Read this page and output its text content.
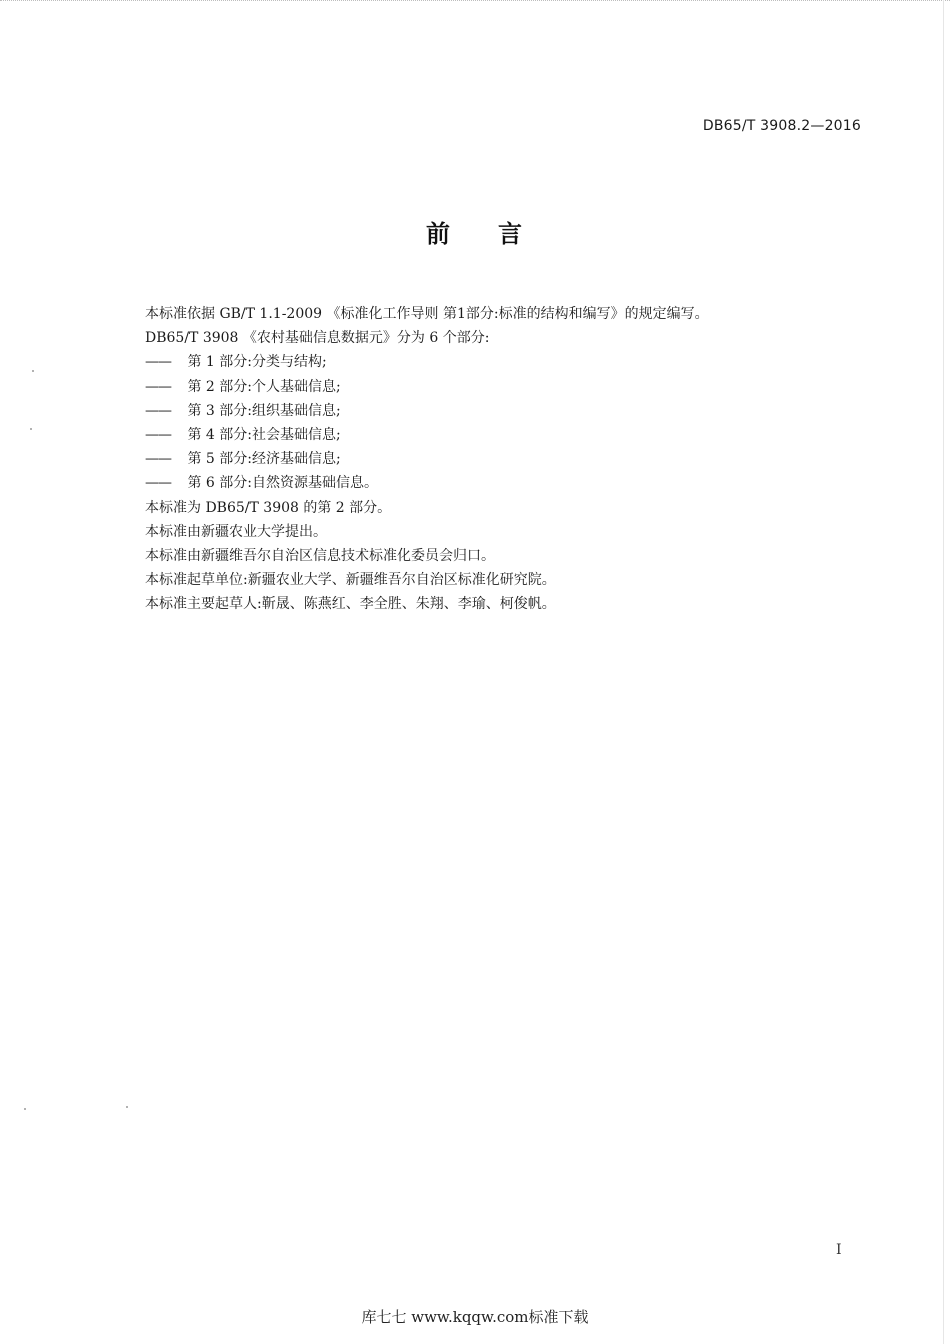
DB65/T 3908.2—2016
前 言
本标准依据 GB/T 1.1-2009 《标准化工作导则 第1部分:标准的结构和编写》的规定编写。
DB65/T 3908 《农村基础信息数据元》分为 6 个部分:
—— 第 1 部分:分类与结构;
—— 第 2 部分:个人基础信息;
—— 第 3 部分:组织基础信息;
—— 第 4 部分:社会基础信息;
—— 第 5 部分:经济基础信息;
—— 第 6 部分:自然资源基础信息。
本标准为 DB65/T 3908 的第 2 部分。
本标准由新疆农业大学提出。
本标准由新疆维吾尔自治区信息技术标准化委员会归口。
本标准起草单位:新疆农业大学、新疆维吾尔自治区标准化研究院。
本标准主要起草人:靳晟、陈燕红、李全胜、朱翔、李瑜、柯俊帆。
I
库七七 www.kqqw.com标准下载
